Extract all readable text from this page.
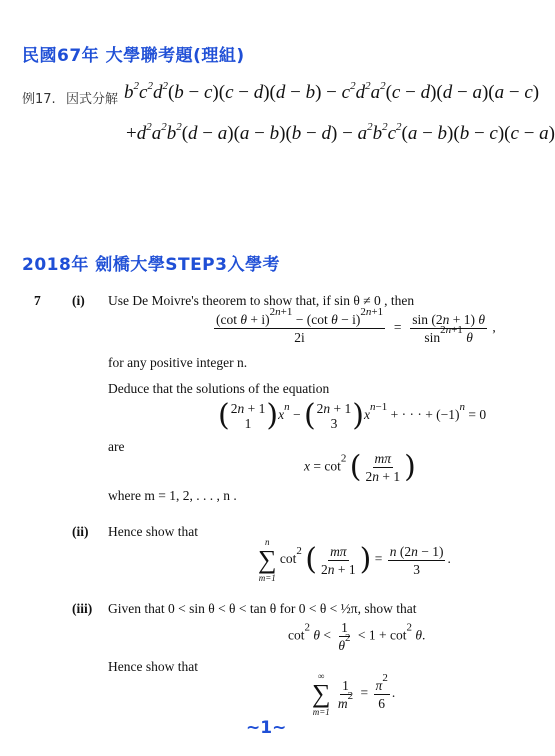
民國67年 大學聯考題(理組)
例17. 因式分解 $b^2c^2d^2(b - c)(c - d)(d - b) - c^2d^2a^2(c - d)(d - a)(a - c)$
$+d^2a^2b^2(d - a)(a - b)(b - d) - a^2b^2c^2(a - b)(b - c)(c - a)$
2018年 劍橋大學STEP3入學考
7 (i) Use De Moivre's theorem to show that, if sin θ ≠ 0 , then
$\frac{(\cot \theta + i)^{2n+1} - (\cot \theta - i)^{2n+1}}{2i} = \frac{\sin (2n + 1) \theta}{\sin^{2n+1} \theta}$ ,
for any positive integer n.
Deduce that the solutions of the equation
( 2n + 1
1 )$x^n$ − ( 2n + 1
3 )$x^{n-1}$ + · · · + $(-1)^n = 0$
are
$x = \cot^2$ ( $\frac{m\pi}{2n + 1}$ )
where m = 1, 2, . . . , n .
(ii) Hence show that
n
∑
m=1
$\cot^2$ ( $\frac{m\pi}{2n + 1}$ ) = $\frac{n (2n - 1)}{3}$ .
(iii) Given that 0 < sin θ < θ < tan θ for 0 < θ < ½π, show that
$\cot^2 \theta < \frac{1}{\theta^2} < 1 + \cot^2 \theta$.
Hence show that
∞
∑
m=1

$\frac{1}{m^2} = \frac{\pi^2}{6}$ .
~1~
